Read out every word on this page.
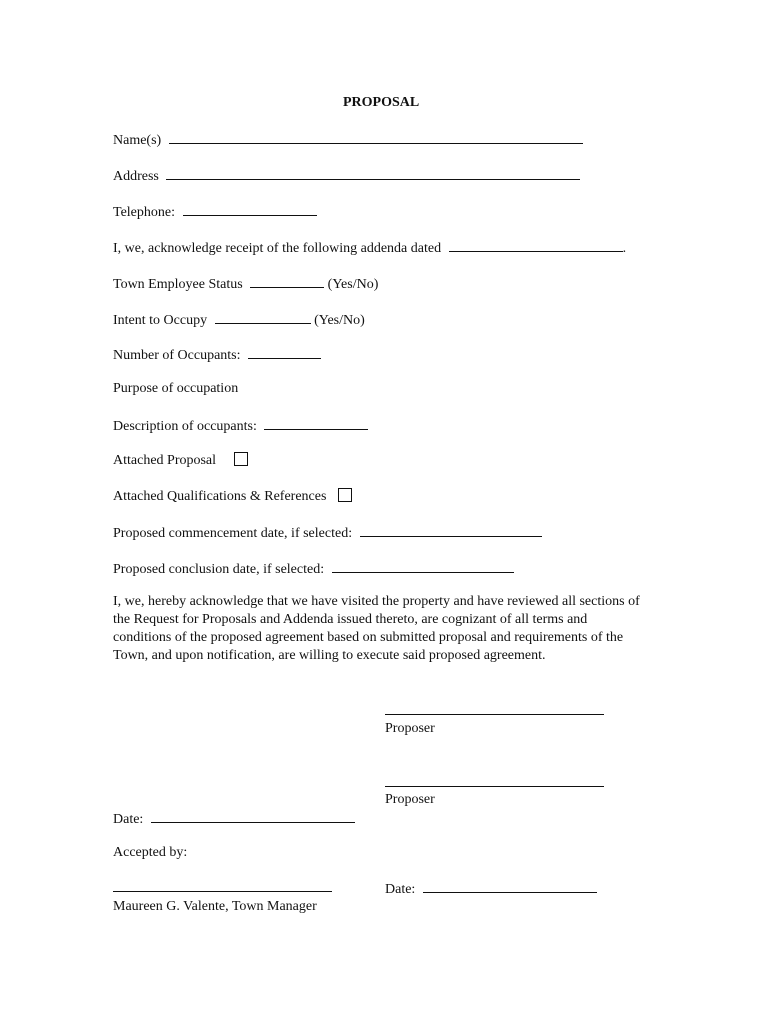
PROPOSAL
Name(s)
Address
Telephone:
I, we, acknowledge receipt of the following addenda dated	.
Town Employee Status	(Yes/No)
Intent to Occupy	(Yes/No)
Number of Occupants:
Purpose of occupation
Description of occupants:
Attached Proposal
Attached Qualifications & References
Proposed commencement date, if selected:
Proposed conclusion date, if selected:
I, we, hereby acknowledge that we have visited the property and have reviewed all sections of the Request for Proposals and Addenda issued thereto, are cognizant of all terms and conditions of the proposed agreement based on submitted proposal and requirements of the Town, and upon notification, are willing to execute said proposed agreement.
Proposer
Proposer
Date:
Accepted by:
Maureen G. Valente, Town Manager
Date:
